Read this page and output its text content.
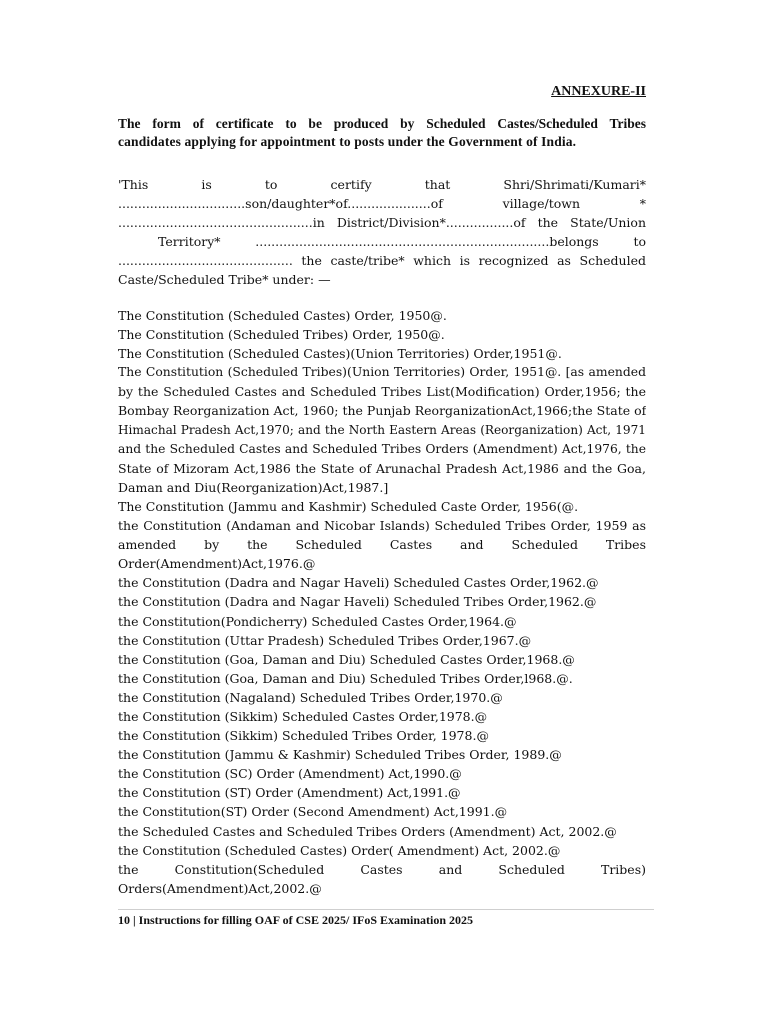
ANNEXURE-II
The form of certificate to be produced by Scheduled Castes/Scheduled Tribes
candidates applying for appointment to posts under the Government of India.
'This is to certify that Shri/Shrimati/Kumari*
................................son/daughter*of.....................of village/town *
.................................................in District/Division*.................of the State/Union
Territory* ..........................................................................belongs to
............................................ the caste/tribe* which is recognized as Scheduled
Caste/Scheduled Tribe* under: —
The Constitution (Scheduled Castes) Order, 1950@.
The Constitution (Scheduled Tribes) Order, 1950@.
The Constitution (Scheduled Castes)(Union Territories) Order,1951@.
The Constitution (Scheduled Tribes)(Union Territories) Order, 1951@. [as amended
by the Scheduled Castes and Scheduled Tribes List(Modification) Order,1956; the
Bombay Reorganization Act, 1960; the Punjab ReorganizationAct,1966;the State of
Himachal Pradesh Act,1970; and the North Eastern Areas (Reorganization) Act, 1971
and the Scheduled Castes and Scheduled Tribes Orders (Amendment) Act,1976, the
State of Mizoram Act,1986 the State of Arunachal Pradesh Act,1986 and the Goa,
Daman and Diu(Reorganization)Act,1987.]
The Constitution (Jammu and Kashmir) Scheduled Caste Order, 1956(@.
the Constitution (Andaman and Nicobar Islands) Scheduled Tribes Order, 1959 as
amended by the Scheduled Castes and Scheduled Tribes
Order(Amendment)Act,1976.@
the Constitution (Dadra and Nagar Haveli) Scheduled Castes Order,1962.@
the Constitution (Dadra and Nagar Haveli) Scheduled Tribes Order,1962.@
the Constitution(Pondicherry) Scheduled Castes Order,1964.@
the Constitution (Uttar Pradesh) Scheduled Tribes Order,1967.@
the Constitution (Goa, Daman and Diu) Scheduled Castes Order,1968.@
the Constitution (Goa, Daman and Diu) Scheduled Tribes Order,l968.@.
the Constitution (Nagaland) Scheduled Tribes Order,1970.@
the Constitution (Sikkim) Scheduled Castes Order,1978.@
the Constitution (Sikkim) Scheduled Tribes Order, 1978.@
the Constitution (Jammu & Kashmir) Scheduled Tribes Order, 1989.@
the Constitution (SC) Order (Amendment) Act,1990.@
the Constitution (ST) Order (Amendment) Act,1991.@
the Constitution(ST) Order (Second Amendment) Act,1991.@
the Scheduled Castes and Scheduled Tribes Orders (Amendment) Act, 2002.@
the Constitution (Scheduled Castes) Order( Amendment) Act, 2002.@
the Constitution(Scheduled Castes and Scheduled Tribes)
Orders(Amendment)Act,2002.@
10 | Instructions for filling OAF of CSE 2025/ IFoS Examination 2025
